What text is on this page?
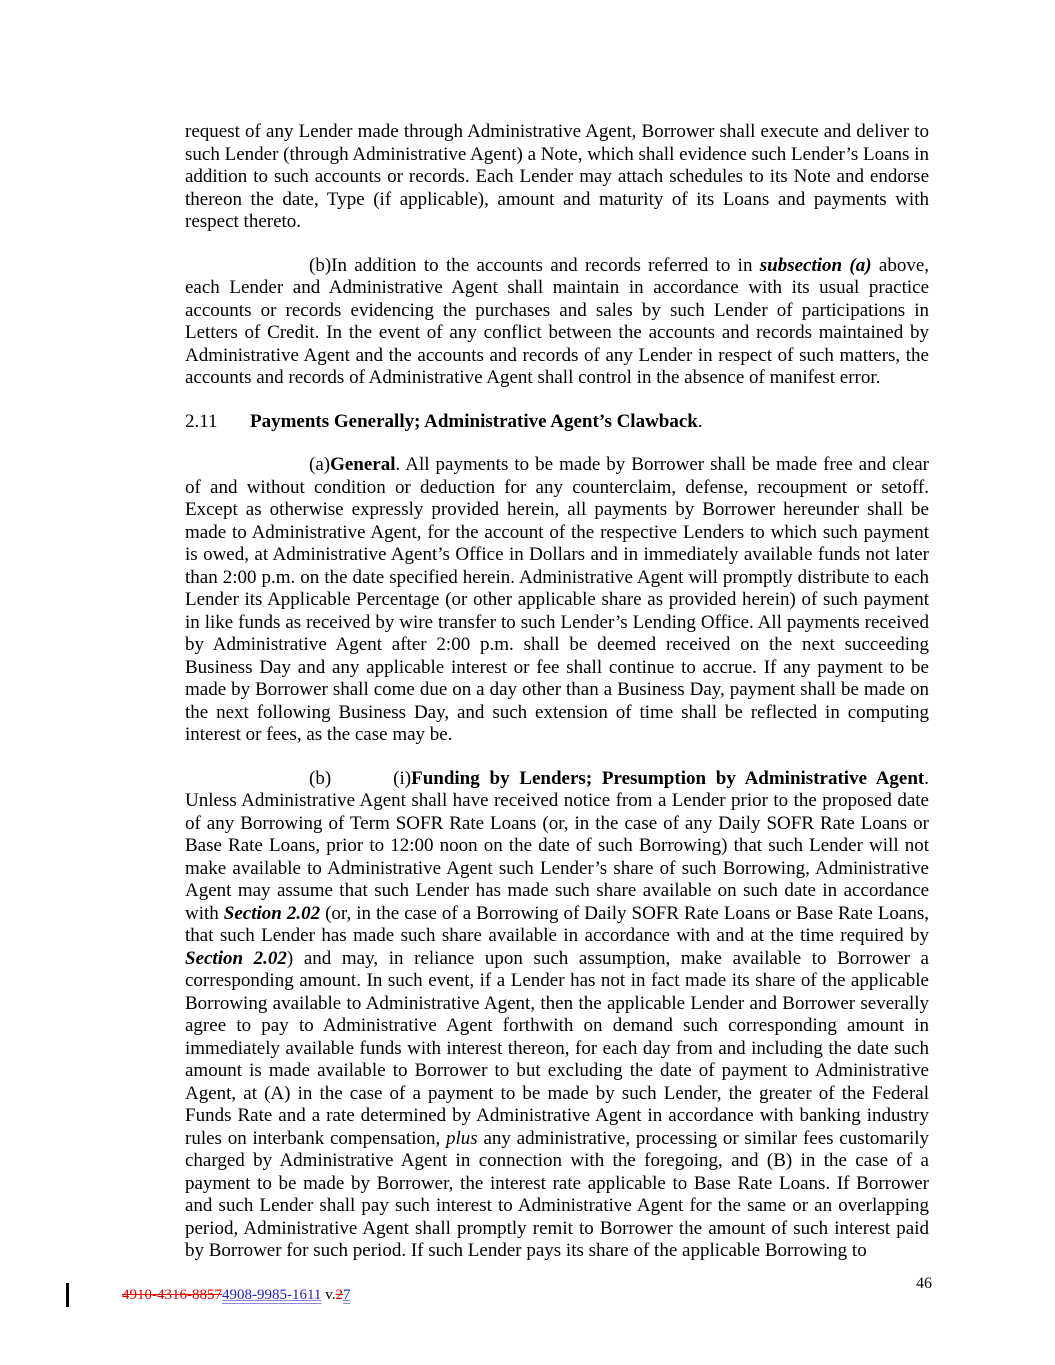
request of any Lender made through Administrative Agent, Borrower shall execute and deliver to such Lender (through Administrative Agent) a Note, which shall evidence such Lender’s Loans in addition to such accounts or records. Each Lender may attach schedules to its Note and endorse thereon the date, Type (if applicable), amount and maturity of its Loans and payments with respect thereto.

(b)In addition to the accounts and records referred to in subsection (a) above, each Lender and Administrative Agent shall maintain in accordance with its usual practice accounts or records evidencing the purchases and sales by such Lender of participations in Letters of Credit. In the event of any conflict between the accounts and records maintained by Administrative Agent and the accounts and records of any Lender in respect of such matters, the accounts and records of Administrative Agent shall control in the absence of manifest error.

2.11 Payments Generally; Administrative Agent’s Clawback.

(a)General. All payments to be made by Borrower shall be made free and clear of and without condition or deduction for any counterclaim, defense, recoupment or setoff. Except as otherwise expressly provided herein, all payments by Borrower hereunder shall be made to Administrative Agent, for the account of the respective Lenders to which such payment is owed, at Administrative Agent’s Office in Dollars and in immediately available funds not later than 2:00 p.m. on the date specified herein. Administrative Agent will promptly distribute to each Lender its Applicable Percentage (or other applicable share as provided herein) of such payment in like funds as received by wire transfer to such Lender’s Lending Office. All payments received by Administrative Agent after 2:00 p.m. shall be deemed received on the next succeeding Business Day and any applicable interest or fee shall continue to accrue. If any payment to be made by Borrower shall come due on a day other than a Business Day, payment shall be made on the next following Business Day, and such extension of time shall be reflected in computing interest or fees, as the case may be.

(b)	(i)Funding by Lenders; Presumption by Administrative Agent. Unless Administrative Agent shall have received notice from a Lender prior to the proposed date of any Borrowing of Term SOFR Rate Loans (or, in the case of any Daily SOFR Rate Loans or Base Rate Loans, prior to 12:00 noon on the date of such Borrowing) that such Lender will not make available to Administrative Agent such Lender’s share of such Borrowing, Administrative Agent may assume that such Lender has made such share available on such date in accordance with Section 2.02 (or, in the case of a Borrowing of Daily SOFR Rate Loans or Base Rate Loans, that such Lender has made such share available in accordance with and at the time required by Section 2.02) and may, in reliance upon such assumption, make available to Borrower a corresponding amount. In such event, if a Lender has not in fact made its share of the applicable Borrowing available to Administrative Agent, then the applicable Lender and Borrower severally agree to pay to Administrative Agent forthwith on demand such corresponding amount in immediately available funds with interest thereon, for each day from and including the date such amount is made available to Borrower to but excluding the date of payment to Administrative Agent, at (A) in the case of a payment to be made by such Lender, the greater of the Federal Funds Rate and a rate determined by Administrative Agent in accordance with banking industry rules on interbank compensation, plus any administrative, processing or similar fees customarily charged by Administrative Agent in connection with the foregoing, and (B) in the case of a payment to be made by Borrower, the interest rate applicable to Base Rate Loans. If Borrower and such Lender shall pay such interest to Administrative Agent for the same or an overlapping period, Administrative Agent shall promptly remit to Borrower the amount of such interest paid by Borrower for such period. If such Lender pays its share of the applicable Borrowing to

4910-4316-88574908-9985-1611 v.27
46
